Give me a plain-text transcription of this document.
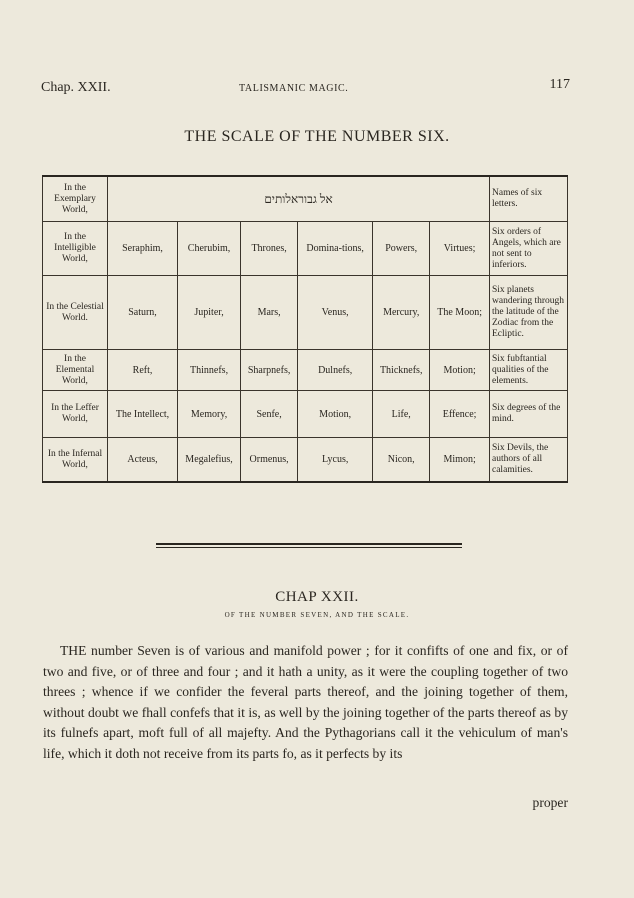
Chap. XXII.	TALISMANIC MAGIC.	117
THE SCALE OF THE NUMBER SIX.
In the Exemplary World,	אל גבוראלותים						Names of six letters.
In the Intelligible World,	Seraphim,	Cherubim,	Thrones,	Domina-tions,	Powers,	Virtues;	Six orders of Angels, which are not sent to inferiors.
In the Celestial World.	Saturn,	Jupiter,	Mars,	Venus,	Mercury,	The Moon;	Six planets wandering through the latitude of the Zodiac from the Ecliptic.
In the Elemental World,	Reft,	Thinnefs,	Sharpnefs,	Dulnefs,	Thicknefs,	Motion;	Six fubftantial qualities of the elements.
In the Leffer World,	The Intellect,	Memory,	Senfe,	Motion,	Life,	Effence;	Six degrees of the mind.
In the Infernal World,	Acteus,	Megalefius,	Ormenus,	Lycus,	Nicon,	Mimon;	Six Devils, the authors of all calamities.
CHAP XXII.
OF THE NUMBER SEVEN, AND THE SCALE.
THE number Seven is of various and manifold power ; for it confifts of one and fix, or of two and five, or of three and four ; and it hath a unity, as it were the coupling together of two threes ; whence if we confider the feveral parts thereof, and the joining together of them, without doubt we fhall confefs that it is, as well by the joining together of the parts thereof as by its fulnefs apart, moft full of all majefty. And the Pythagorians call it the vehiculum of man's life, which it doth not receive from its parts fo, as it perfects by its
proper
